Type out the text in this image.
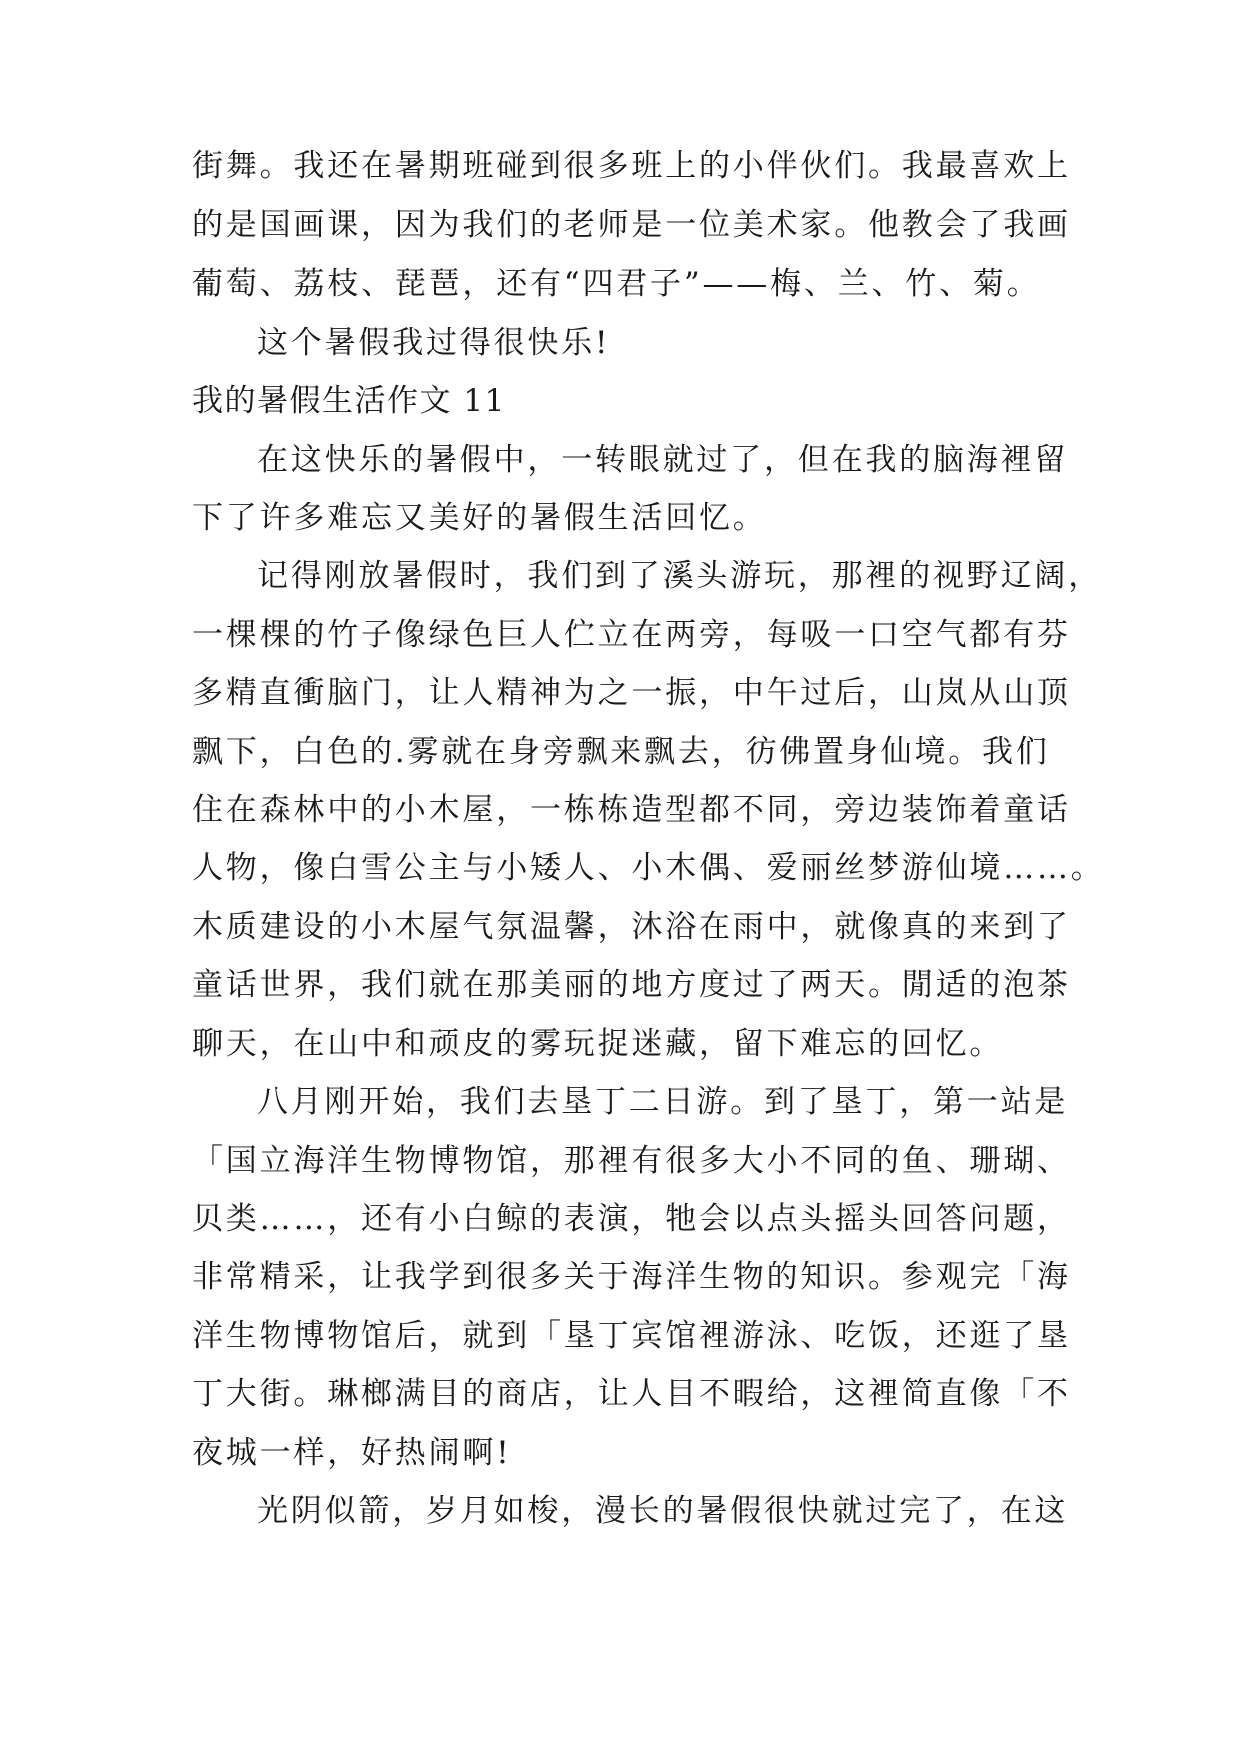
街舞。我还在暑期班碰到很多班上的小伴伙们。我最喜欢上
的是国画课，因为我们的老师是一位美术家。他教会了我画
葡萄、荔枝、琵琶，还有“四君子”——梅、兰、竹、菊。
这个暑假我过得很快乐!
我的暑假生活作文 11
在这快乐的暑假中，一转眼就过了，但在我的脑海裡留
下了许多难忘又美好的暑假生活回忆。
记得刚放暑假时，我们到了溪头游玩，那裡的视野辽阔，
一棵棵的竹子像绿色巨人伫立在两旁，每吸一口空气都有芬
多精直衝脑门，让人精神为之一振，中午过后，山岚从山顶
飘下，白色的.雾就在身旁飘来飘去，彷佛置身仙境。我们
住在森林中的小木屋，一栋栋造型都不同，旁边装饰着童话
人物，像白雪公主与小矮人、小木偶、爱丽丝梦游仙境……。
木质建设的小木屋气氛温馨，沐浴在雨中，就像真的来到了
童话世界，我们就在那美丽的地方度过了两天。閒适的泡茶
聊天，在山中和顽皮的雾玩捉迷藏，留下难忘的回忆。
八月刚开始，我们去垦丁二日游。到了垦丁，第一站是
「国立海洋生物博物馆，那裡有很多大小不同的鱼、珊瑚、
贝类……，还有小白鲸的表演，牠会以点头摇头回答问题，
非常精采，让我学到很多关于海洋生物的知识。参观完「海
洋生物博物馆后，就到「垦丁宾馆裡游泳、吃饭，还逛了垦
丁大街。琳榔满目的商店，让人目不暇给，这裡简直像「不
夜城一样，好热闹啊!
光阴似箭，岁月如梭，漫长的暑假很快就过完了，在这
